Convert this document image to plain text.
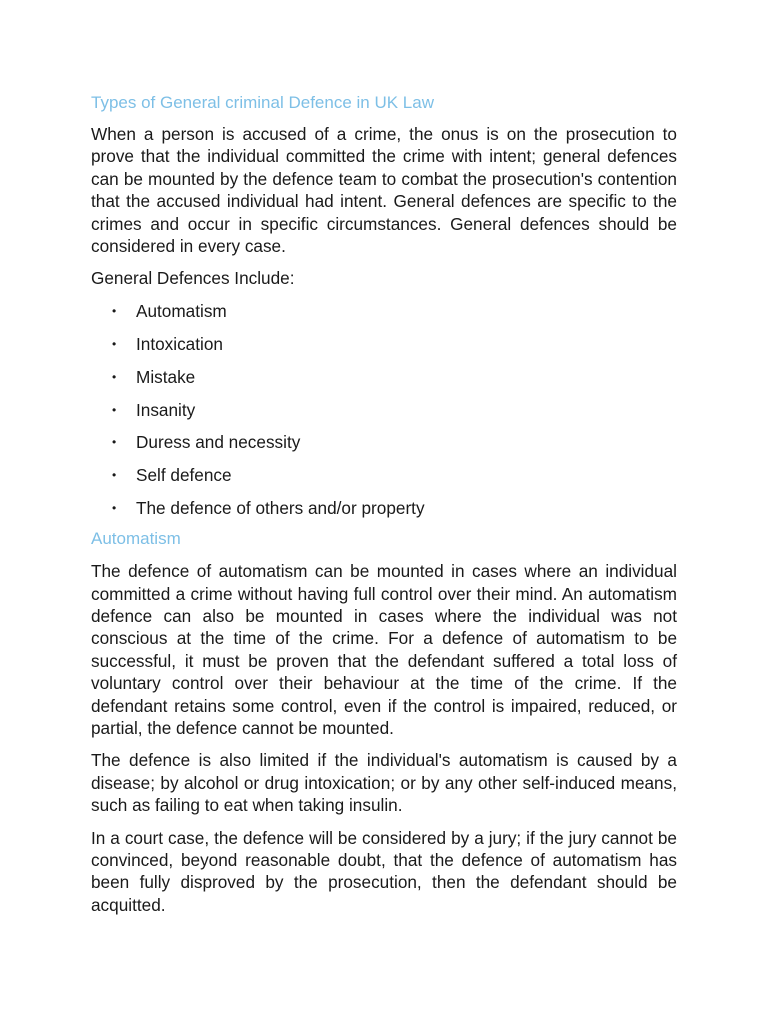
Types of General criminal Defence in UK Law

When a person is accused of a crime, the onus is on the prosecution to prove that the individual committed the crime with intent; general defences can be mounted by the defence team to combat the prosecution's contention that the accused individual had intent. General defences are specific to the crimes and occur in specific circumstances. General defences should be considered in every case.

General Defences Include:

• Automatism
• Intoxication
• Mistake
• Insanity
• Duress and necessity
• Self defence
• The defence of others and/or property
Automatism

The defence of automatism can be mounted in cases where an individual committed a crime without having full control over their mind. An automatism defence can also be mounted in cases where the individual was not conscious at the time of the crime. For a defence of automatism to be successful, it must be proven that the defendant suffered a total loss of voluntary control over their behaviour at the time of the crime. If the defendant retains some control, even if the control is impaired, reduced, or partial, the defence cannot be mounted.

The defence is also limited if the individual's automatism is caused by a disease; by alcohol or drug intoxication; or by any other self-induced means, such as failing to eat when taking insulin.

In a court case, the defence will be considered by a jury; if the jury cannot be convinced, beyond reasonable doubt, that the defence of automatism has been fully disproved by the prosecution, then the defendant should be acquitted.
